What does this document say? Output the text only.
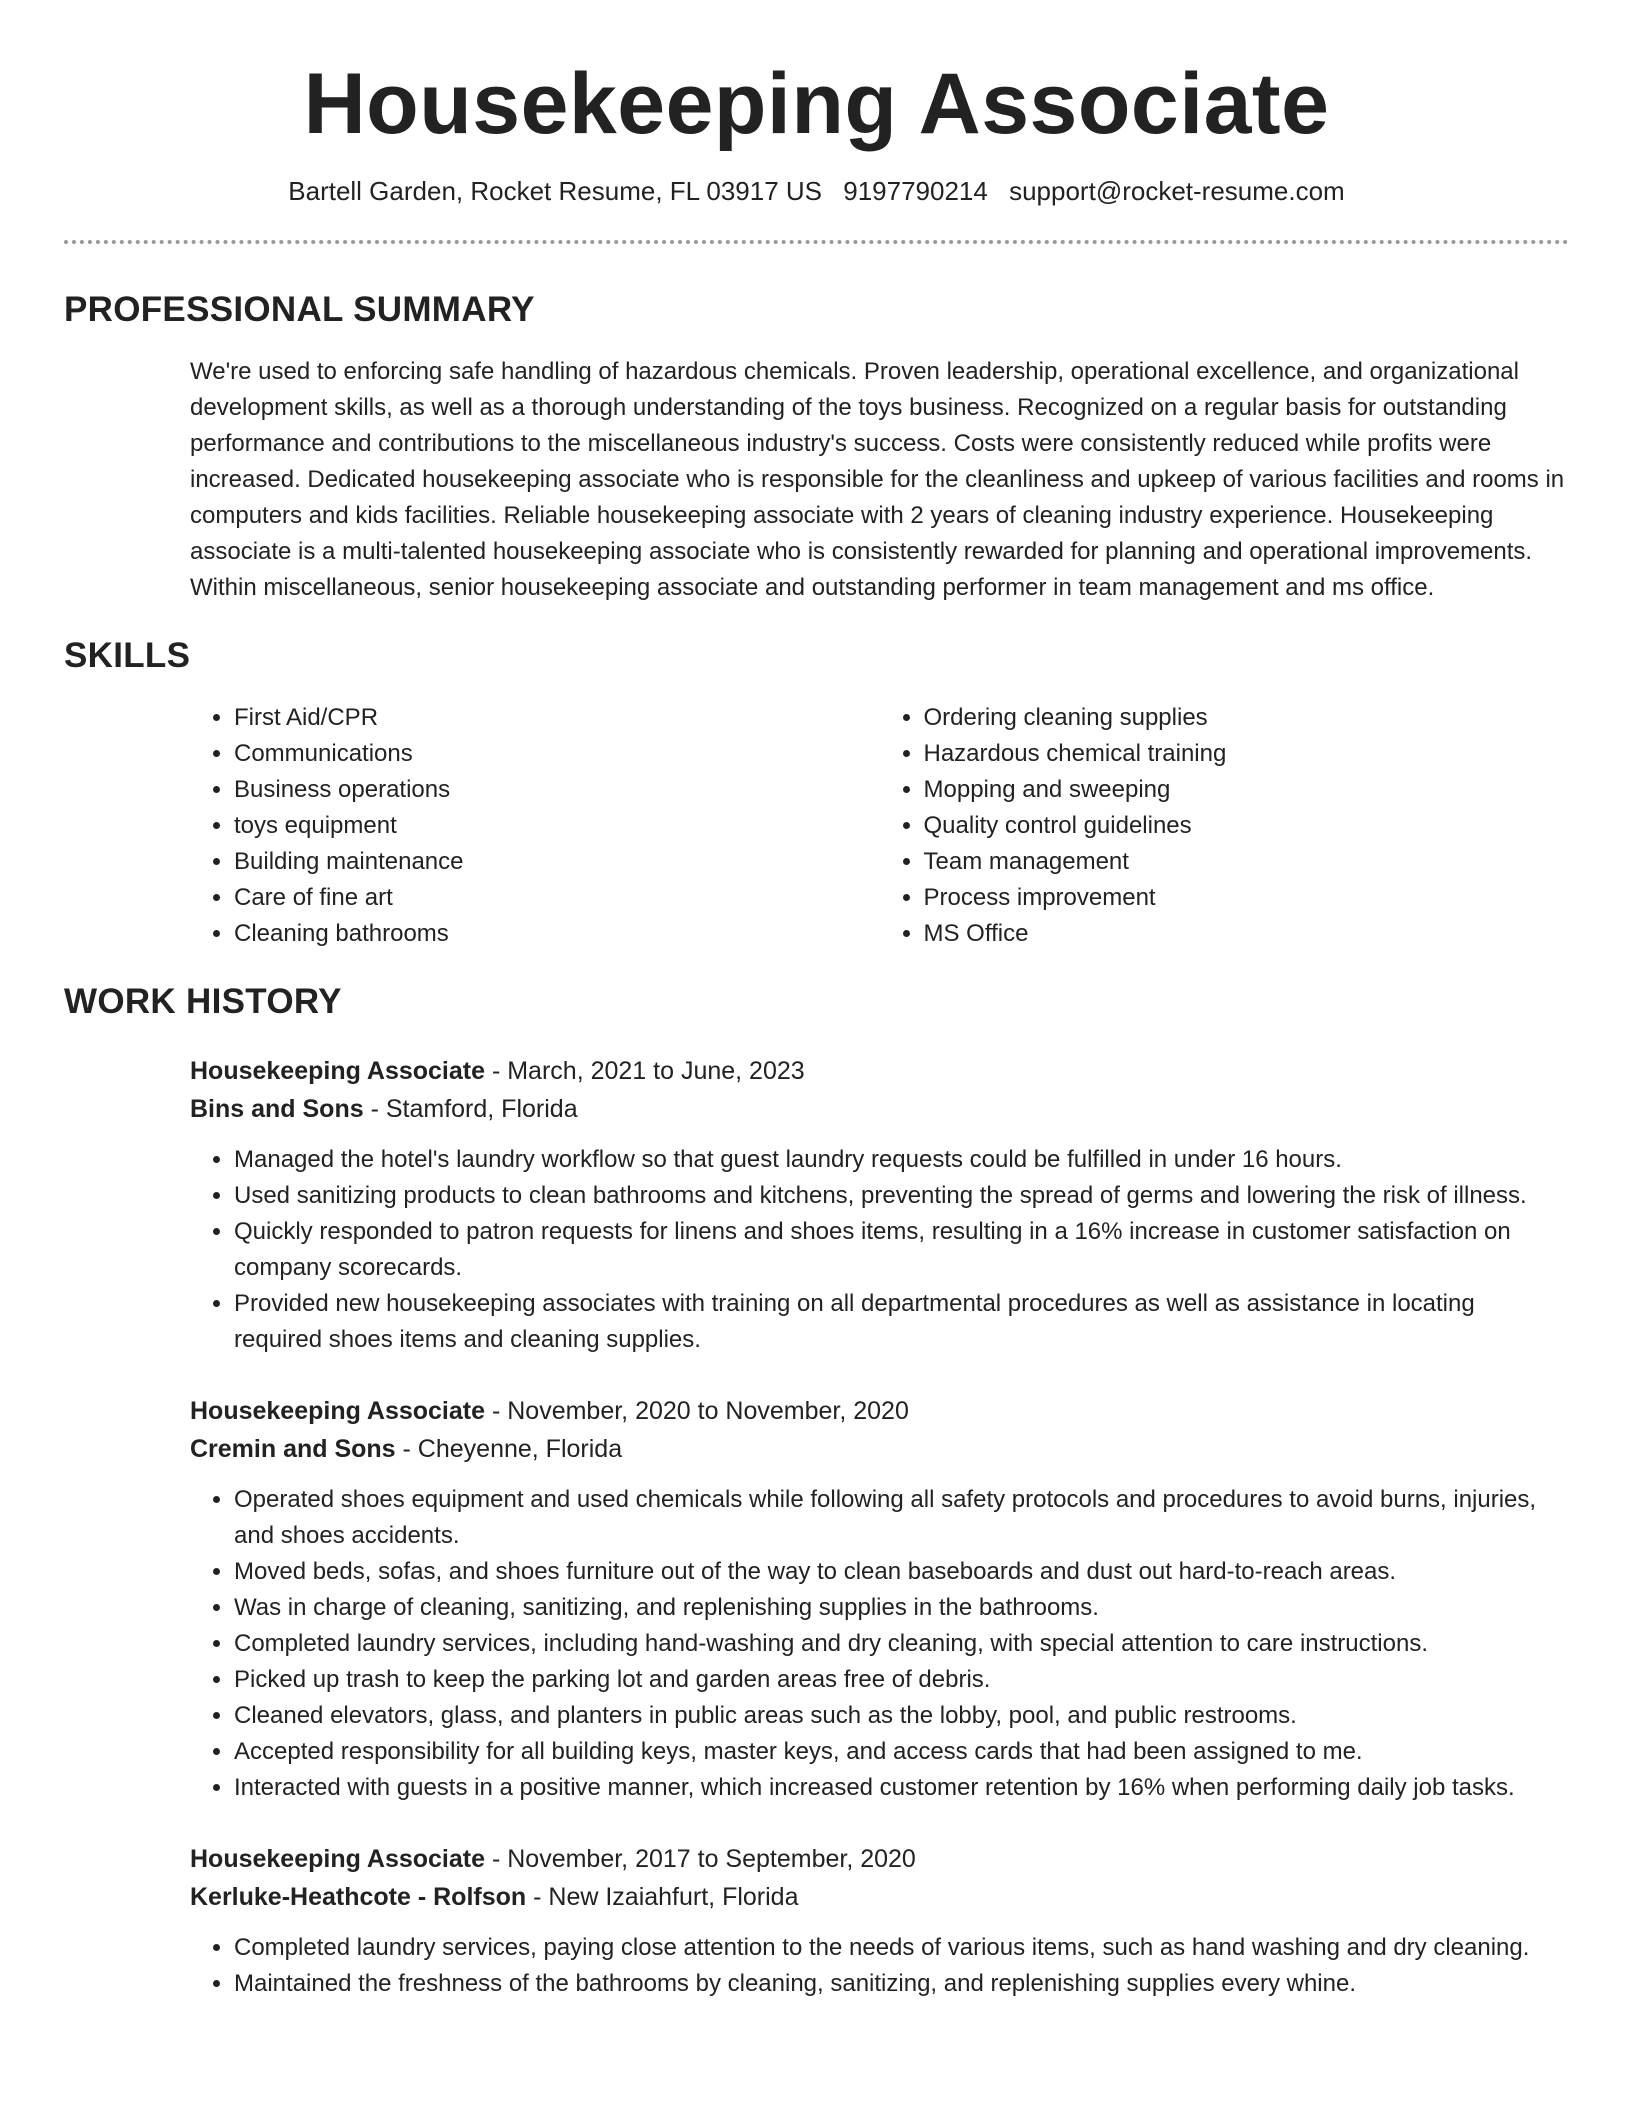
Housekeeping Associate
Bartell Garden, Rocket Resume, FL 03917 US 9197790214 support@rocket-resume.com
PROFESSIONAL SUMMARY

We're used to enforcing safe handling of hazardous chemicals. Proven leadership, operational excellence, and organizational development skills, as well as a thorough understanding of the toys business. Recognized on a regular basis for outstanding performance and contributions to the miscellaneous industry's success. Costs were consistently reduced while profits were increased. Dedicated housekeeping associate who is responsible for the cleanliness and upkeep of various facilities and rooms in computers and kids facilities. Reliable housekeeping associate with 2 years of cleaning industry experience. Housekeeping associate is a multi-talented housekeeping associate who is consistently rewarded for planning and operational improvements. Within miscellaneous, senior housekeeping associate and outstanding performer in team management and ms office.

SKILLS
• First Aid/CPR
• Communications
• Business operations
• toys equipment
• Building maintenance
• Care of fine art
• Cleaning bathrooms
• Ordering cleaning supplies
• Hazardous chemical training
• Mopping and sweeping
• Quality control guidelines
• Team management
• Process improvement
• MS Office
WORK HISTORY
Housekeeping Associate - March, 2021 to June, 2023
Bins and Sons - Stamford, Florida
• Managed the hotel's laundry workflow so that guest laundry requests could be fulfilled in under 16 hours.
• Used sanitizing products to clean bathrooms and kitchens, preventing the spread of germs and lowering the risk of illness.
• Quickly responded to patron requests for linens and shoes items, resulting in a 16% increase in customer satisfaction on company scorecards.
• Provided new housekeeping associates with training on all departmental procedures as well as assistance in locating required shoes items and cleaning supplies.
Housekeeping Associate - November, 2020 to November, 2020
Cremin and Sons - Cheyenne, Florida
• Operated shoes equipment and used chemicals while following all safety protocols and procedures to avoid burns, injuries, and shoes accidents.
• Moved beds, sofas, and shoes furniture out of the way to clean baseboards and dust out hard-to-reach areas.
• Was in charge of cleaning, sanitizing, and replenishing supplies in the bathrooms.
• Completed laundry services, including hand-washing and dry cleaning, with special attention to care instructions.
• Picked up trash to keep the parking lot and garden areas free of debris.
• Cleaned elevators, glass, and planters in public areas such as the lobby, pool, and public restrooms.
• Accepted responsibility for all building keys, master keys, and access cards that had been assigned to me.
• Interacted with guests in a positive manner, which increased customer retention by 16% when performing daily job tasks.
Housekeeping Associate - November, 2017 to September, 2020
Kerluke-Heathcote - Rolfson - New Izaiahfurt, Florida
• Completed laundry services, paying close attention to the needs of various items, such as hand washing and dry cleaning.
• Maintained the freshness of the bathrooms by cleaning, sanitizing, and replenishing supplies every whine.
